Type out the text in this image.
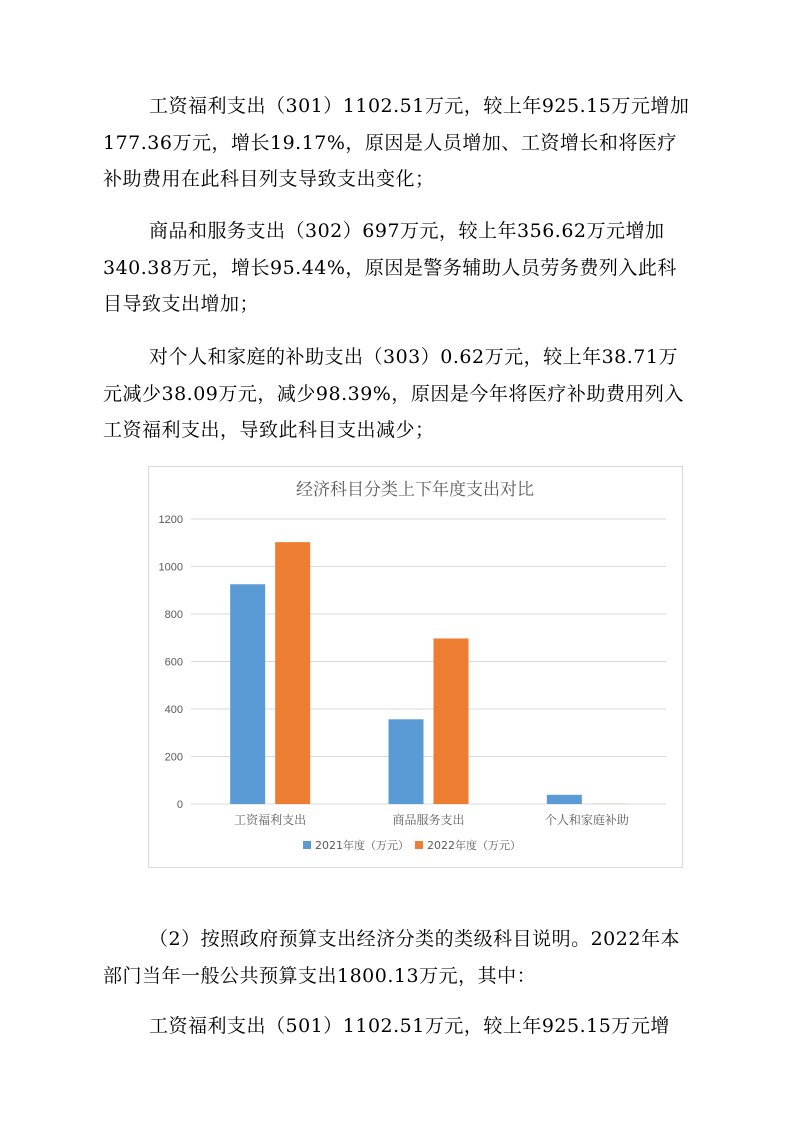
工资福利支出（301）1102.51万元，较上年925.15万元增加177.36万元，增长19.17%，原因是人员增加、工资增长和将医疗补助费用在此科目列支导致支出变化；

商品和服务支出（302）697万元，较上年356.62万元增加340.38万元，增长95.44%，原因是警务辅助人员劳务费列入此科目导致支出增加；

对个人和家庭的补助支出（303）0.62万元，较上年38.71万元减少38.09万元，减少98.39%，原因是今年将医疗补助费用列入工资福利支出，导致此科目支出减少；

经济科目分类上下年度支出对比
0
200
400
600
800
1000
1200
工资福利支出	商品服务支出	个人和家庭补助
2021年度（万元） 2022年度（万元）

（2）按照政府预算支出经济分类的类级科目说明。2022年本部门当年一般公共预算支出1800.13万元，其中：

工资福利支出（501）1102.51万元，较上年925.15万元增
